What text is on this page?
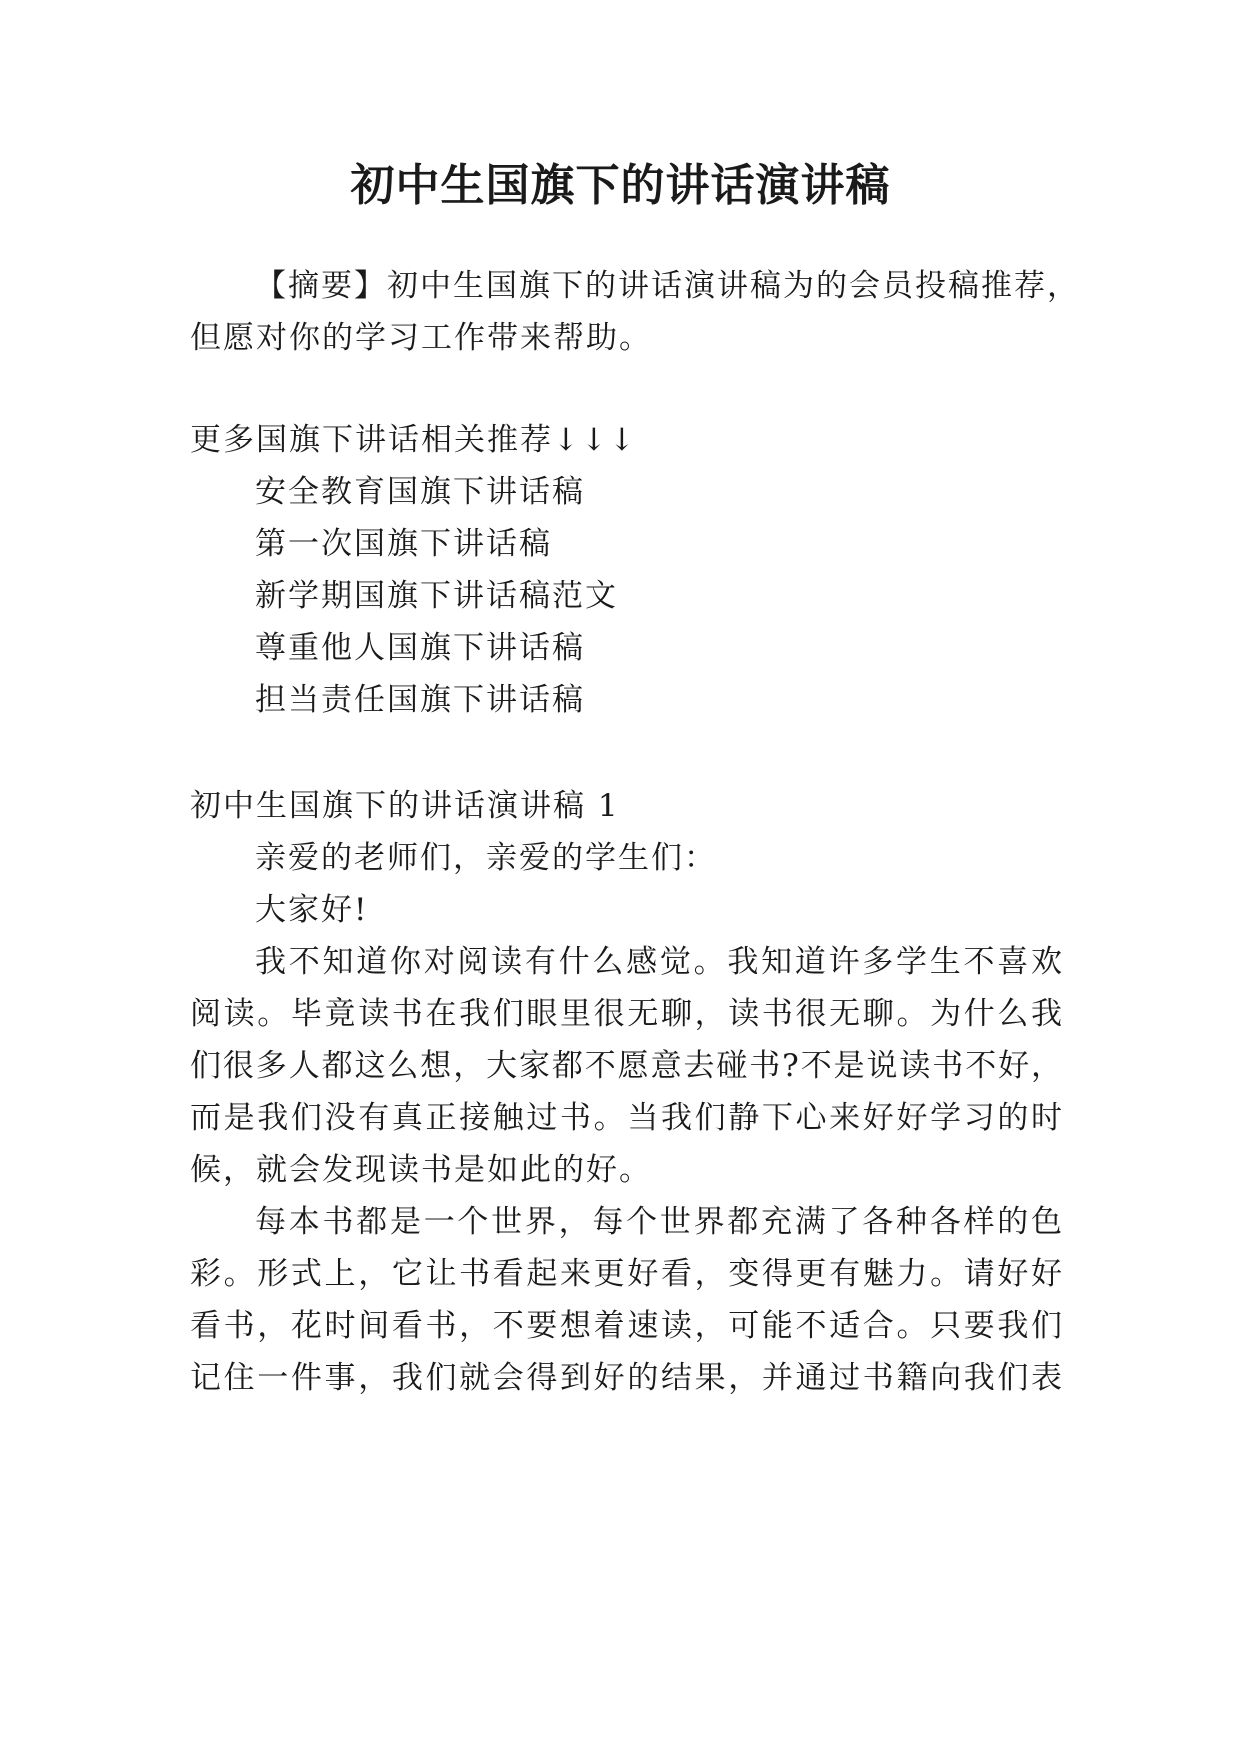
初中生国旗下的讲话演讲稿
【摘要】初中生国旗下的讲话演讲稿为的会员投稿推荐，
但愿对你的学习工作带来帮助。
更多国旗下讲话相关推荐↓↓↓
安全教育国旗下讲话稿
第一次国旗下讲话稿
新学期国旗下讲话稿范文
尊重他人国旗下讲话稿
担当责任国旗下讲话稿
初中生国旗下的讲话演讲稿 1
亲爱的老师们，亲爱的学生们：
大家好!
我不知道你对阅读有什么感觉。我知道许多学生不喜欢
阅读。毕竟读书在我们眼里很无聊，读书很无聊。为什么我
们很多人都这么想，大家都不愿意去碰书?不是说读书不好，
而是我们没有真正接触过书。当我们静下心来好好学习的时
候，就会发现读书是如此的好。
每本书都是一个世界，每个世界都充满了各种各样的色
彩。形式上，它让书看起来更好看，变得更有魅力。请好好
看书，花时间看书，不要想着速读，可能不适合。只要我们
记住一件事，我们就会得到好的结果，并通过书籍向我们表
